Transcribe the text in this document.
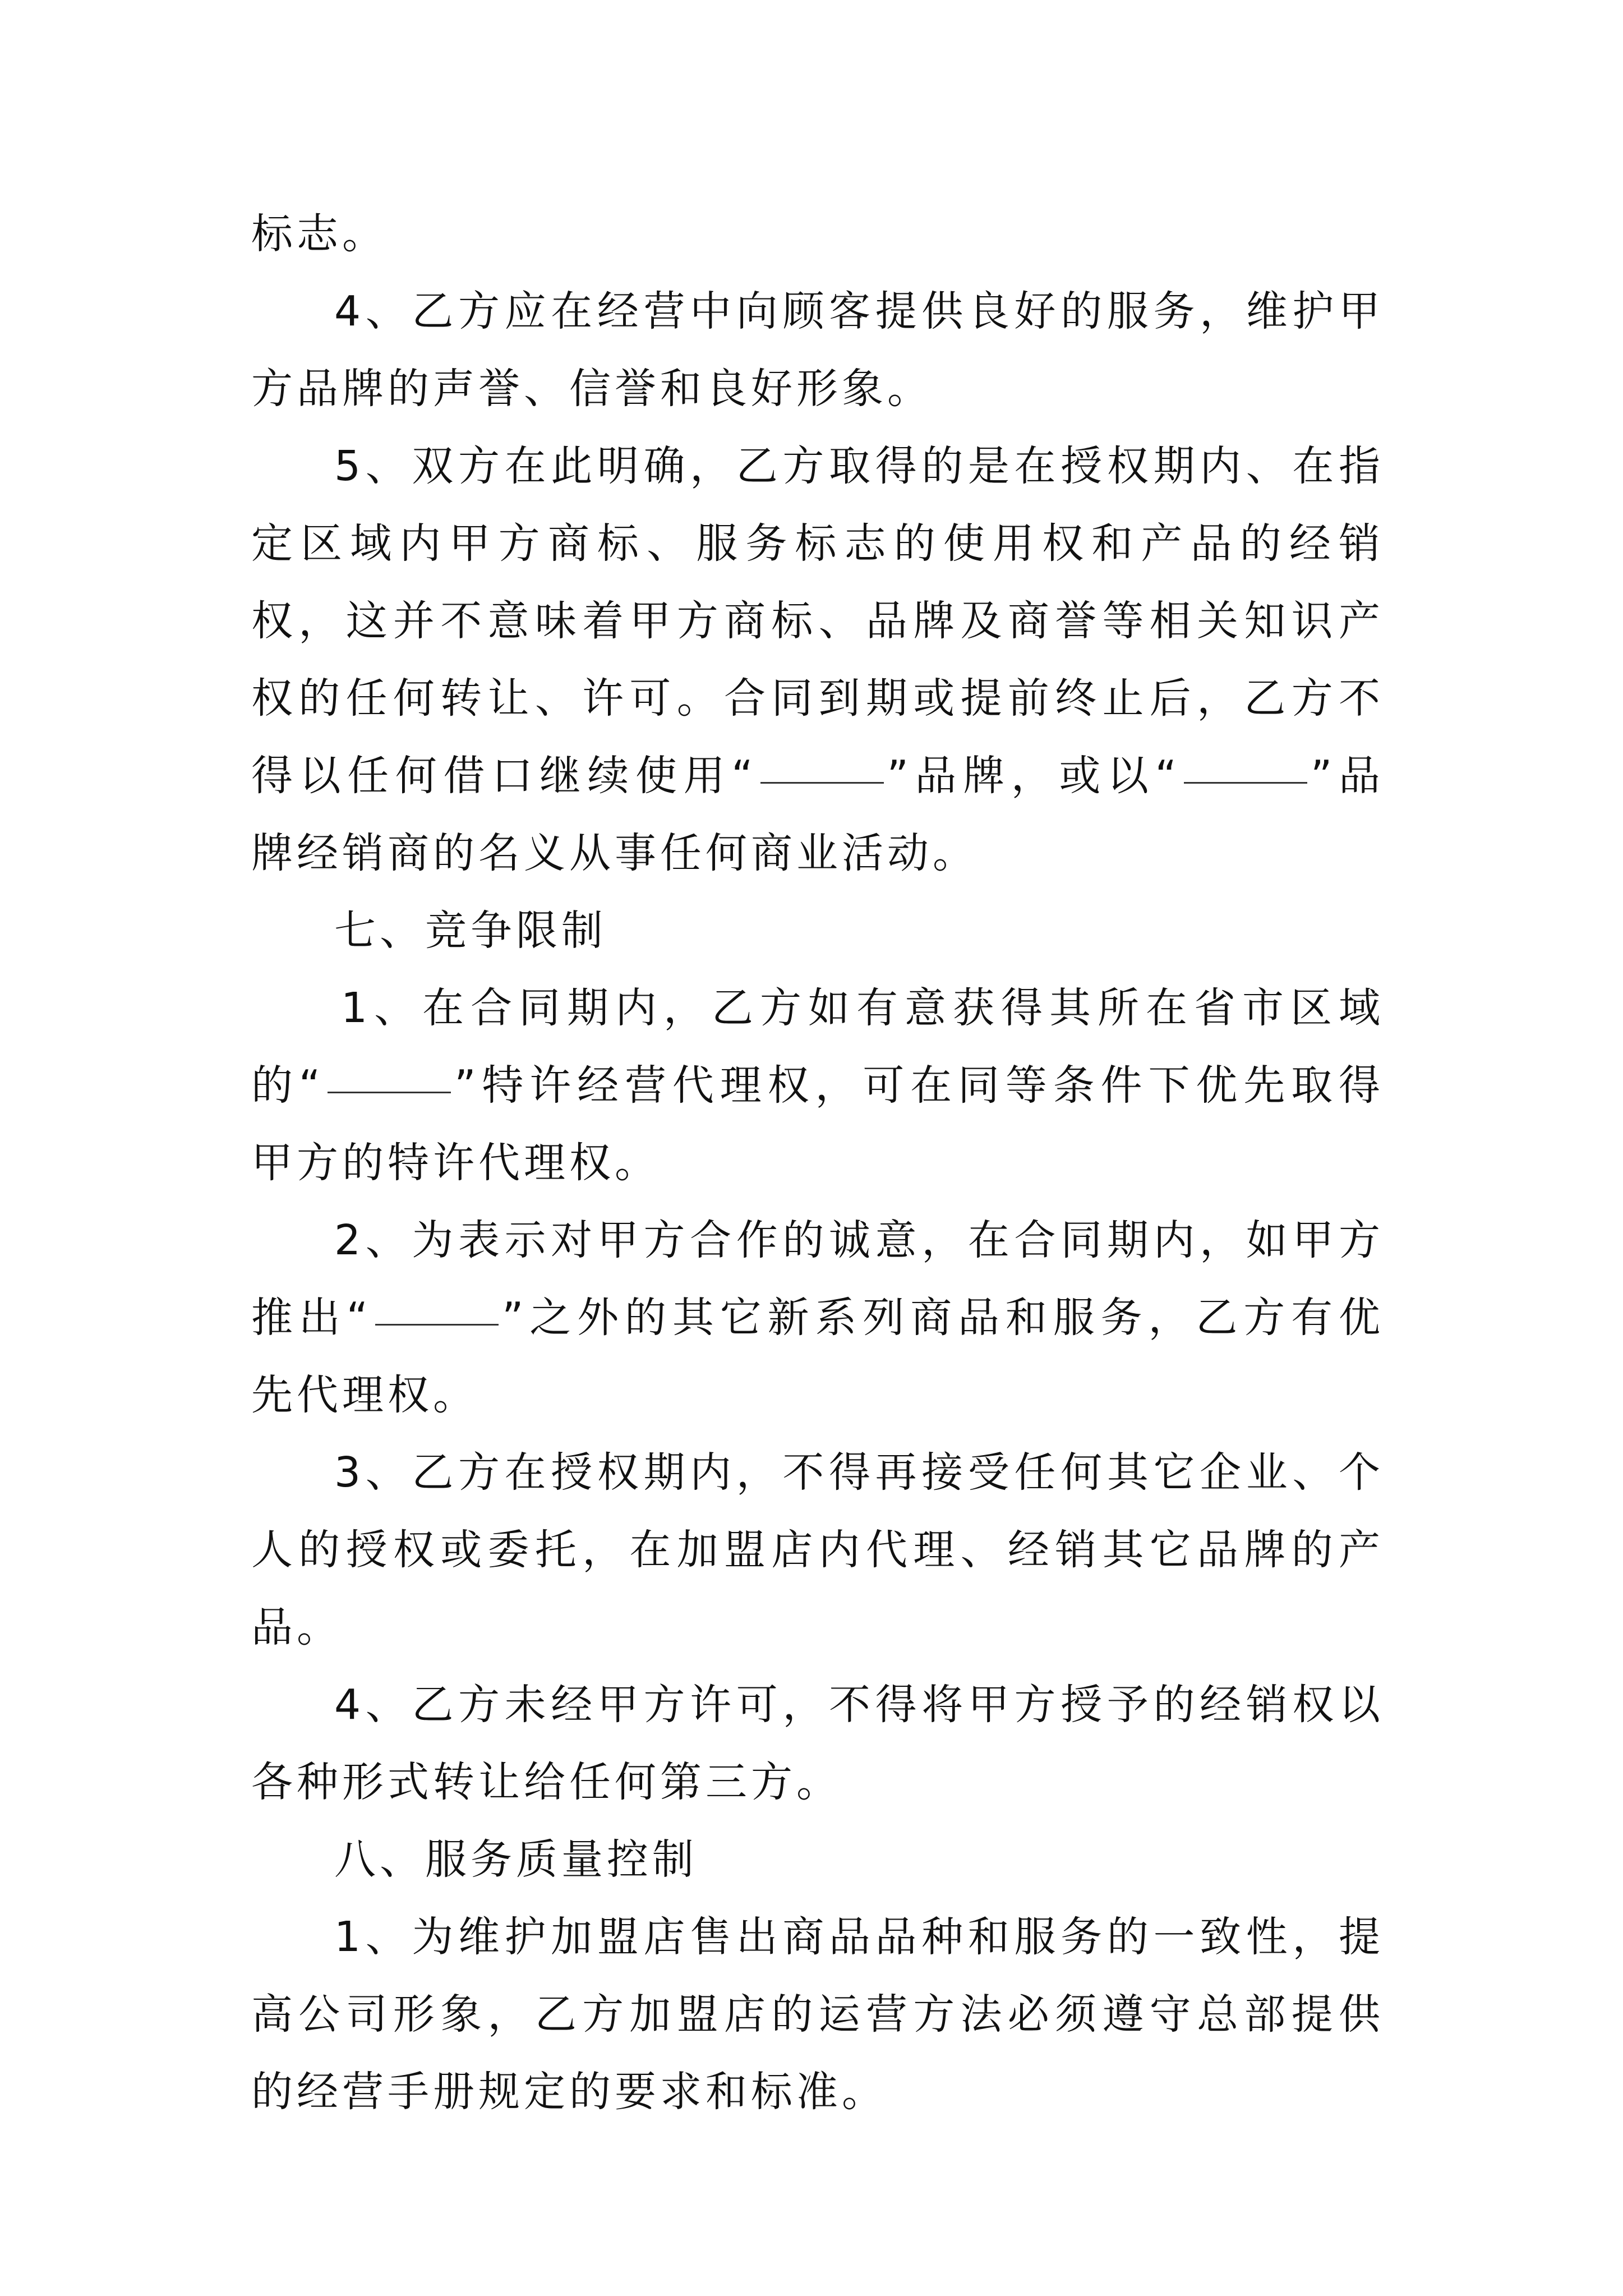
标志。

4、乙方应在经营中向顾客提供良好的服务，维护甲方品牌的声誉、信誉和良好形象。

5、双方在此明确，乙方取得的是在授权期内、在指定区域内甲方商标、服务标志的使用权和产品的经销权，这并不意味着甲方商标、品牌及商誉等相关知识产权的任何转让、许可。合同到期或提前终止后，乙方不得以任何借口继续使用“	”品牌，或以“	”品牌经销商的名义从事任何商业活动。

七、竞争限制

1、在合同期内，乙方如有意获得其所在省市区域的“	”特许经营代理权，可在同等条件下优先取得甲方的特许代理权。

2、为表示对甲方合作的诚意，在合同期内，如甲方推出“	”之外的其它新系列商品和服务，乙方有优先代理权。

3、乙方在授权期内，不得再接受任何其它企业、个人的授权或委托，在加盟店内代理、经销其它品牌的产品。

4、乙方未经甲方许可，不得将甲方授予的经销权以各种形式转让给任何第三方。

八、服务质量控制

1、为维护加盟店售出商品品种和服务的一致性，提高公司形象，乙方加盟店的运营方法必须遵守总部提供的经营手册规定的要求和标准。
